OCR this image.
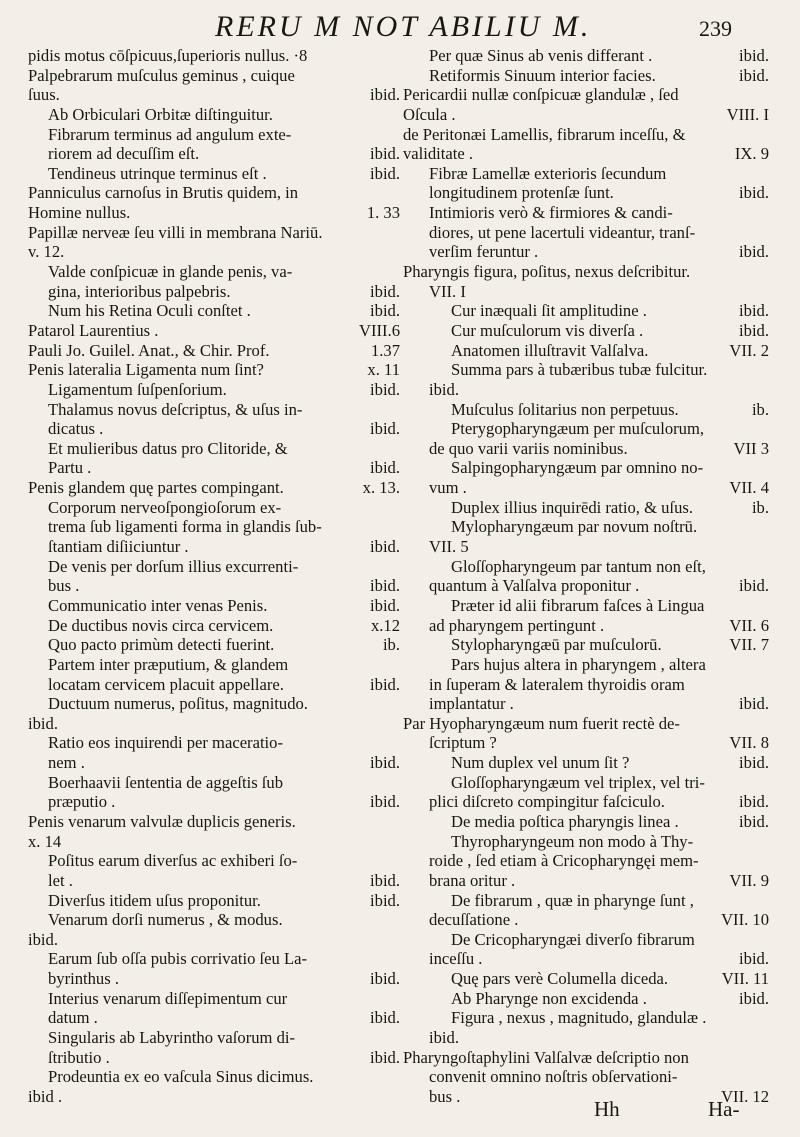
RERU M NOT ABILIU M.	239
pidis motus cōſpicuus,ſuperioris nullus. ·8
Palpebrarum muſculus geminus , cuique
ſuus.	ibid.
Ab Orbiculari Orbitæ diſtinguitur.
Fibrarum terminus ad angulum exte-
riorem ad decuſſim eſt.	ibid.
Tendineus utrinque terminus eſt .	ibid.
Panniculus carnoſus in Brutis quidem, in
Homine nullus.	1. 33
Papillæ nerveæ ſeu villi in membrana Nariū.
v. 12.
Valde conſpicuæ in glande penis, va-
gina, interioribus palpebris.	ibid.
Num his Retina Oculi conſtet .	ibid.
Patarol Laurentius .	VIII.6
Pauli Jo. Guilel. Anat., & Chir. Prof.	1.37
Penis lateralia Ligamenta num ſint?	x. 11
Ligamentum ſuſpenſorium.	ibid.
Thalamus novus deſcriptus, & uſus in-
dicatus .	ibid.
Et mulieribus datus pro Clitoride, &
Partu .	ibid.
Penis glandem quę partes compingant.	x. 13.
Corporum nerveoſpongioſorum ex-
trema ſub ligamenti forma in glandis ſub-
ſtantiam diſiiciuntur .	ibid.
De venis per dorſum illius excurrenti-
bus .	ibid.
Communicatio inter venas Penis.	ibid.
De ductibus novis circa cervicem.	x.12
Quo pacto primùm detecti fuerint.	ib.
Partem inter præputium, & glandem
locatam cervicem placuit appellare.	ibid.
Ductuum numerus, poſitus, magnitudo.
ibid.
Ratio eos inquirendi per maceratio-
nem .	ibid.
Boerhaavii ſententia de aggeſtis ſub
præputio .	ibid.
Penis venarum valvulæ duplicis generis.
x. 14
Poſitus earum diverſus ac exhiberi ſo-
let .	ibid.
Diverſus itidem uſus proponitur.	ibid.
Venarum dorſi numerus , & modus.
ibid.
Earum ſub oſſa pubis corrivatio ſeu La-
byrinthus .	ibid.
Interius venarum diſſepimentum cur
datum .	ibid.
Singularis ab Labyrintho vaſorum di-
ſtributio .	ibid.
Prodeuntia ex eo vaſcula Sinus dicimus.
ibid .
Per quæ Sinus ab venis differant .	ibid.
Retiformis Sinuum interior facies.	ibid.
Pericardii nullæ conſpicuæ glandulæ , ſed
Oſcula .	VIII. I
de Peritonæi Lamellis, fibrarum inceſſu, &
validitate .	IX. 9
Fibræ Lamellæ exterioris ſecundum
longitudinem protenſæ ſunt.	ibid.
Intimioris verò & firmiores & candi-
diores, ut pene lacertuli videantur, tranſ-
verſim feruntur .	ibid.
Pharyngis figura, poſitus, nexus deſcribitur.
VII. I
Cur inæquali ſit amplitudine .	ibid.
Cur muſculorum vis diverſa .	ibid.
Anatomen illuſtravit Valſalva.	VII. 2
Summa pars à tubæribus tubæ fulcitur.
ibid.
Muſculus ſolitarius non perpetuus.	ib.
Pterygopharyngæum per muſculorum,
de quo varii variis nominibus.	VII 3
Salpingopharyngæum par omnino no-
vum .	VII. 4
Duplex illius inquirēdi ratio, & uſus.	ib.
Mylopharyngæum par novum noſtrū.
VII. 5
Gloſſopharyngeum par tantum non eſt,
quantum à Valſalva proponitur .	ibid.
Præter id alii fibrarum faſces à Lingua
ad pharyngem pertingunt .	VII. 6
Stylopharyngæū par muſculorū.	VII. 7
Pars hujus altera in pharyngem , altera
in ſuperam & lateralem thyroidis oram
implantatur .	ibid.
Par Hyopharyngæum num fuerit rectè de-
ſcriptum ?	VII. 8
Num duplex vel unum ſit ?	ibid.
Gloſſopharyngæum vel triplex, vel tri-
plici diſcreto compingitur faſciculo.	ibid.
De media poſtica pharyngis linea .	ibid.
Thyropharyngeum non modo à Thy-
roide , ſed etiam à Cricopharyngęi mem-
brana oritur .	VII. 9
De fibrarum , quæ in pharynge ſunt ,
decuſſatione .	VII. 10
De Cricopharyngæi diverſo fibrarum
inceſſu .	ibid.
Quę pars verè Columella diceda.	VII. 11
Ab Pharynge non excidenda .	ibid.
Figura , nexus , magnitudo, glandulæ .
ibid.
Pharyngoſtaphylini Valſalvæ deſcriptio non
convenit omnino noſtris obſervationi-
bus .	VII. 12
Hh	Ha-
